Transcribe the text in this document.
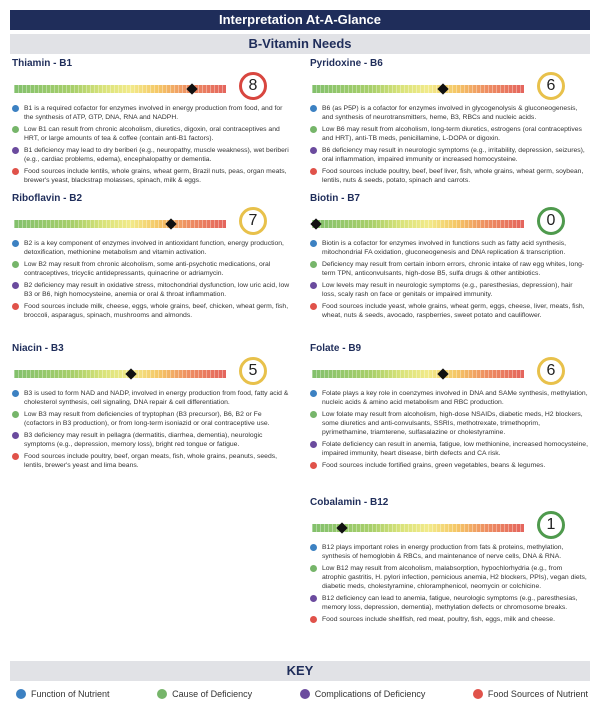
Interpretation At-A-Glance
B-Vitamin Needs
Thiamin - B1
8
B1 is a required cofactor for enzymes involved in energy production from food, and for the synthesis of ATP, GTP, DNA, RNA and NADPH.
Low B1 can result from chronic alcoholism, diuretics, digoxin, oral contraceptives and HRT, or large amounts of tea & coffee (contain anti-B1 factors).
B1 deficiency may lead to dry beriberi (e.g., neuropathy, muscle weakness), wet beriberi (e.g., cardiac problems, edema), encephalopathy or dementia.
Food sources include lentils, whole grains, wheat germ, Brazil nuts, peas, organ meats, brewer's yeast, blackstrap molasses, spinach, milk & eggs.
Riboflavin - B2
7
B2 is a key component of enzymes involved in antioxidant function, energy production, detoxification, methionine metabolism and vitamin activation.
Low B2 may result from chronic alcoholism, some anti-psychotic medications, oral contraceptives, tricyclic antidepressants, quinacrine or adriamycin.
B2 deficiency may result in oxidative stress, mitochondrial dysfunction, low uric acid, low B3 or B6, high homocysteine, anemia or oral & throat inflammation.
Food sources include milk, cheese, eggs, whole grains, beef, chicken, wheat germ, fish, broccoli, asparagus, spinach, mushrooms and almonds.
Niacin - B3
5
B3 is used to form NAD and NADP, involved in energy production from food, fatty acid & cholesterol synthesis, cell signaling, DNA repair & cell differentiation.
Low B3 may result from deficiencies of tryptophan (B3 precursor), B6, B2 or Fe (cofactors in B3 production), or from long-term isoniazid or oral contraceptive use.
B3 deficiency may result in pellagra (dermatitis, diarrhea, dementia), neurologic symptoms (e.g., depression, memory loss), bright red tongue or fatigue.
Food sources include poultry, beef, organ meats, fish, whole grains, peanuts, seeds, lentils, brewer's yeast and lima beans.
Pyridoxine - B6
6
B6 (as P5P) is a cofactor for enzymes involved in glycogenolysis & gluconeogenesis, and synthesis of neurotransmitters, heme, B3, RBCs and nucleic acids.
Low B6 may result from alcoholism, long-term diuretics, estrogens (oral contraceptives and HRT), anti-TB meds, penicillamine, L-DOPA or digoxin.
B6 deficiency may result in neurologic symptoms (e.g., irritability, depression, seizures), oral inflammation, impaired immunity or increased homocysteine.
Food sources include poultry, beef, beef liver, fish, whole grains, wheat germ, soybean, lentils, nuts & seeds, potato, spinach and carrots.
Biotin - B7
0
Biotin is a cofactor for enzymes involved in functions such as fatty acid synthesis, mitochondrial FA oxidation, gluconeogenesis and DNA replication & transcription.
Deficiency may result from certain inborn errors, chronic intake of raw egg whites, long-term TPN, anticonvulsants, high-dose B5, sulfa drugs & other antibiotics.
Low levels may result in neurologic symptoms (e.g., paresthesias, depression), hair loss, scaly rash on face or genitals or impaired immunity.
Food sources include yeast, whole grains, wheat germ, eggs, cheese, liver, meats, fish, wheat, nuts & seeds, avocado, raspberries, sweet potato and cauliflower.
Folate - B9
6
Folate plays a key role in coenzymes involved in DNA and SAMe synthesis, methylation, nucleic acids & amino acid metabolism and RBC production.
Low folate may result from alcoholism, high-dose NSAIDs, diabetic meds, H2 blockers, some diuretics and anti-convulsants, SSRIs, methotrexate, trimethoprim, pyrimethamine, triamterene, sulfasalazine or cholestyramine.
Folate deficiency can result in anemia, fatigue, low methionine, increased homocysteine, impaired immunity, heart disease, birth defects and CA risk.
Food sources include fortified grains, green vegetables, beans & legumes.
Cobalamin - B12
1
B12 plays important roles in energy production from fats & proteins, methylation, synthesis of hemoglobin & RBCs, and maintenance of nerve cells, DNA & RNA.
Low B12 may result from alcoholism, malabsorption, hypochlorhydria (e.g., from atrophic gastritis, H. pylori infection, pernicious anemia, H2 blockers, PPIs), vegan diets, diabetic meds, cholestyramine, chloramphenicol, neomycin or colchicine.
B12 deficiency can lead to anemia, fatigue, neurologic symptoms (e.g., paresthesias, memory loss, depression, dementia), methylation defects or chromosome breaks.
Food sources include shellfish, red meat, poultry, fish, eggs, milk and cheese.
KEY
Function of Nutrient	Cause of Deficiency	Complications of Deficiency	Food Sources of Nutrient
